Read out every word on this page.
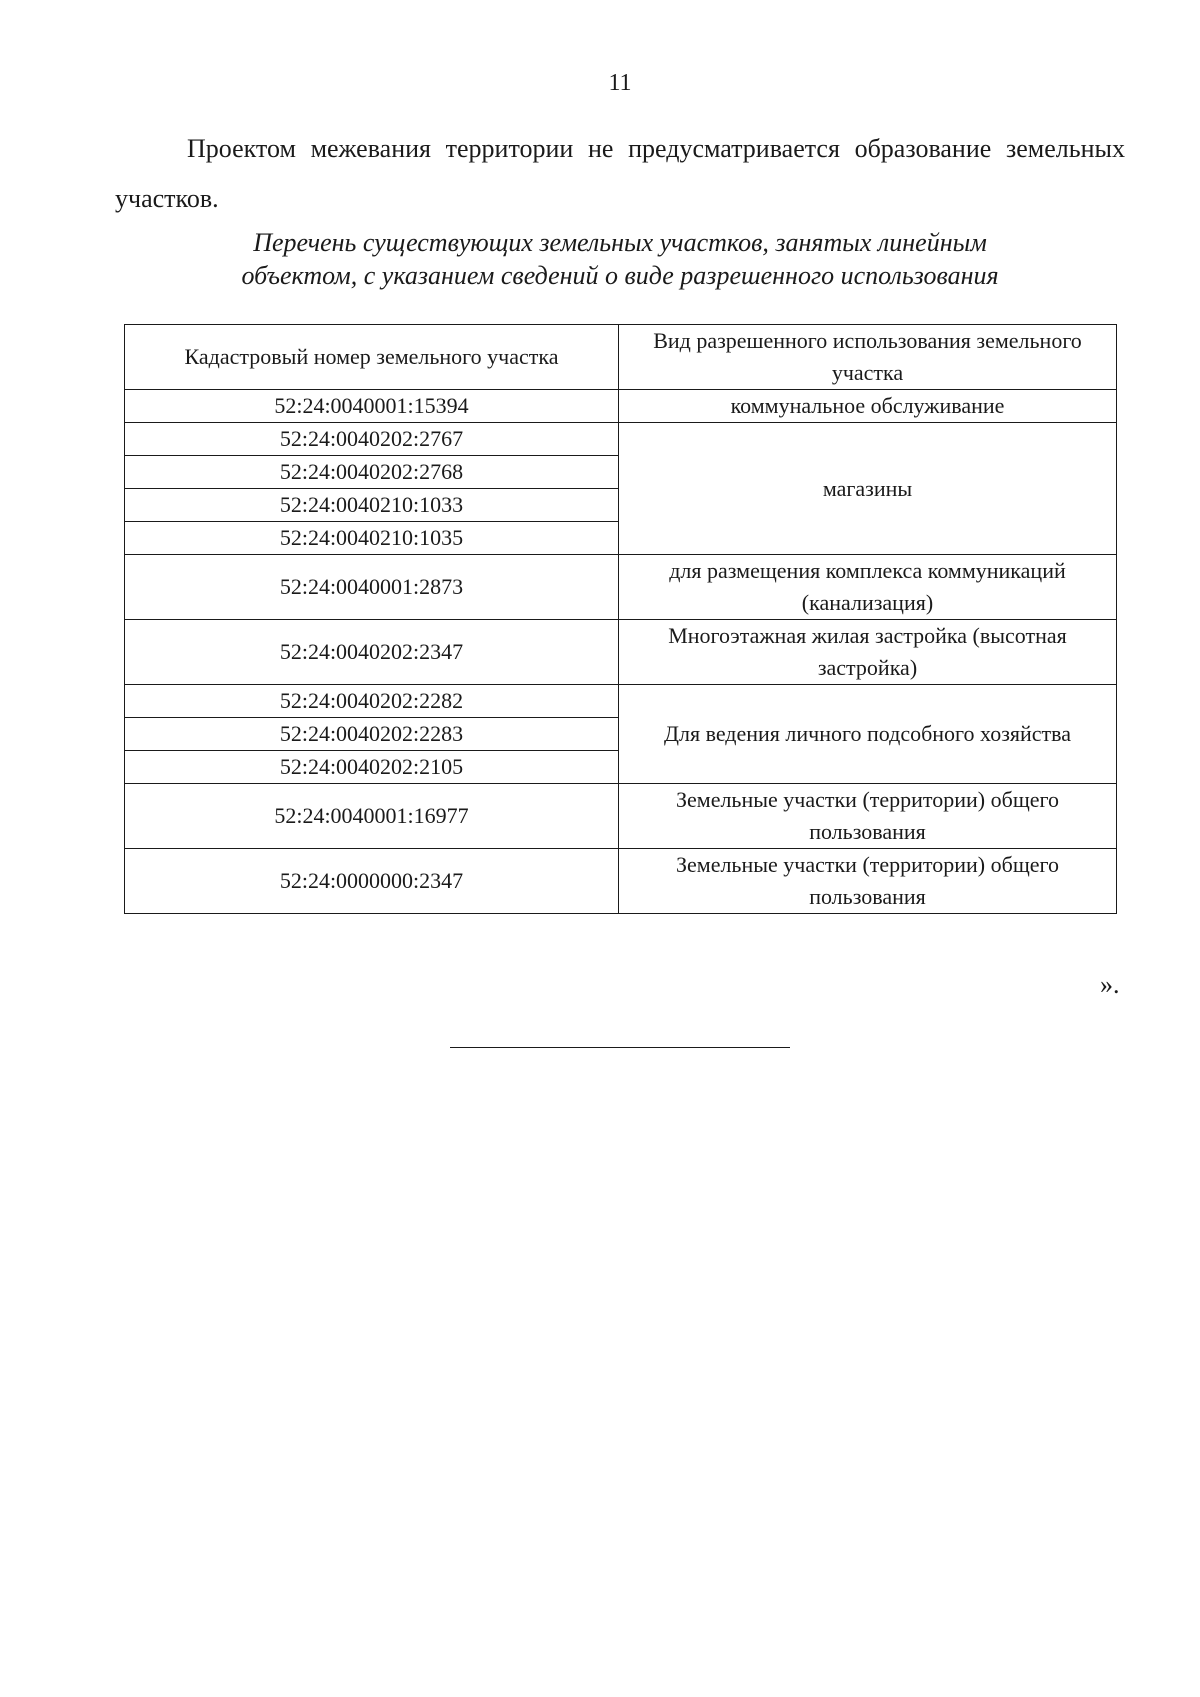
11

Проектом межевания территории не предусматривается образование земельных участков.

Перечень существующих земельных участков, занятых линейным
объектом, с указанием сведений о виде разрешенного использования

Кадастровый номер земельного участка	Вид разрешенного использования земельного участка
52:24:0040001:15394	коммунальное обслуживание
52:24:0040202:2767	магазины
52:24:0040202:2768	
52:24:0040210:1033	
52:24:0040210:1035	
52:24:0040001:2873	для размещения комплекса коммуникаций (канализация)
52:24:0040202:2347	Многоэтажная жилая застройка (высотная застройка)
52:24:0040202:2282	Для ведения личного подсобного хозяйства
52:24:0040202:2283	
52:24:0040202:2105	
52:24:0040001:16977	Земельные участки (территории) общего пользования
52:24:0000000:2347	Земельные участки (территории) общего пользования
».
